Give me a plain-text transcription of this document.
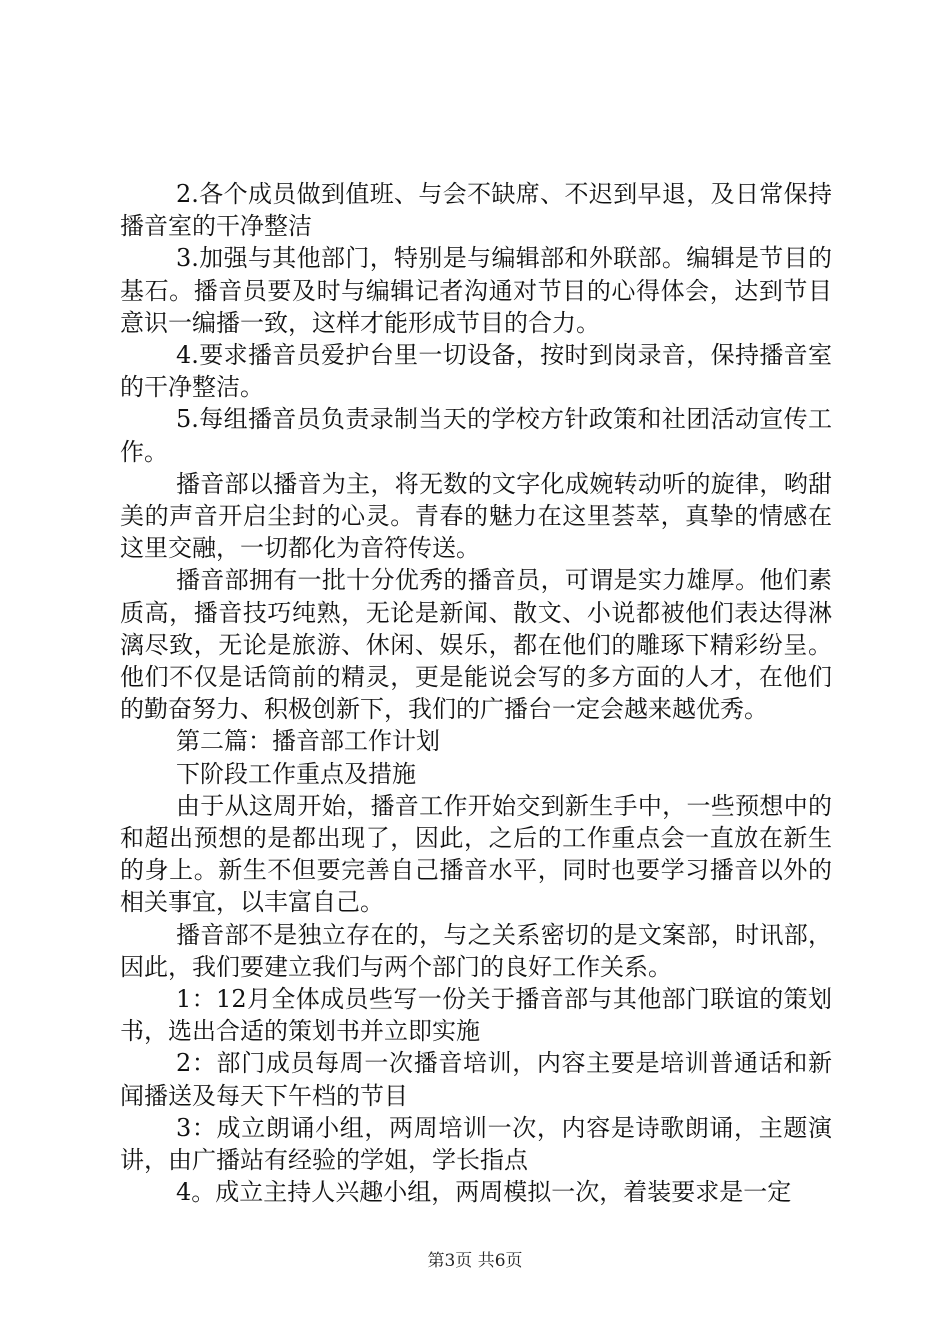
2.各个成员做到值班、与会不缺席、不迟到早退，及日常保持播音室的干净整洁

3.加强与其他部门，特别是与编辑部和外联部。编辑是节目的基石。播音员要及时与编辑记者沟通对节目的心得体会，达到节目意识一编播一致，这样才能形成节目的合力。

4.要求播音员爱护台里一切设备，按时到岗录音，保持播音室的干净整洁。

5.每组播音员负责录制当天的学校方针政策和社团活动宣传工作。

播音部以播音为主，将无数的文字化成婉转动听的旋律，哟甜美的声音开启尘封的心灵。青春的魅力在这里荟萃，真挚的情感在这里交融，一切都化为音符传送。

播音部拥有一批十分优秀的播音员，可谓是实力雄厚。他们素质高，播音技巧纯熟，无论是新闻、散文、小说都被他们表达得淋漓尽致，无论是旅游、休闲、娱乐，都在他们的雕琢下精彩纷呈。他们不仅是话筒前的精灵，更是能说会写的多方面的人才，在他们的勤奋努力、积极创新下，我们的广播台一定会越来越优秀。

第二篇：播音部工作计划

下阶段工作重点及措施

由于从这周开始，播音工作开始交到新生手中，一些预想中的和超出预想的是都出现了，因此，之后的工作重点会一直放在新生的身上。新生不但要完善自己播音水平，同时也要学习播音以外的相关事宜，以丰富自己。

播音部不是独立存在的，与之关系密切的是文案部，时讯部，因此，我们要建立我们与两个部门的良好工作关系。

1：12月全体成员些写一份关于播音部与其他部门联谊的策划书，选出合适的策划书并立即实施

2：部门成员每周一次播音培训，内容主要是培训普通话和新闻播送及每天下午档的节目

3：成立朗诵小组，两周培训一次，内容是诗歌朗诵，主题演讲，由广播站有经验的学姐，学长指点

4。成立主持人兴趣小组，两周模拟一次，着装要求是一定

第3页 共6页
